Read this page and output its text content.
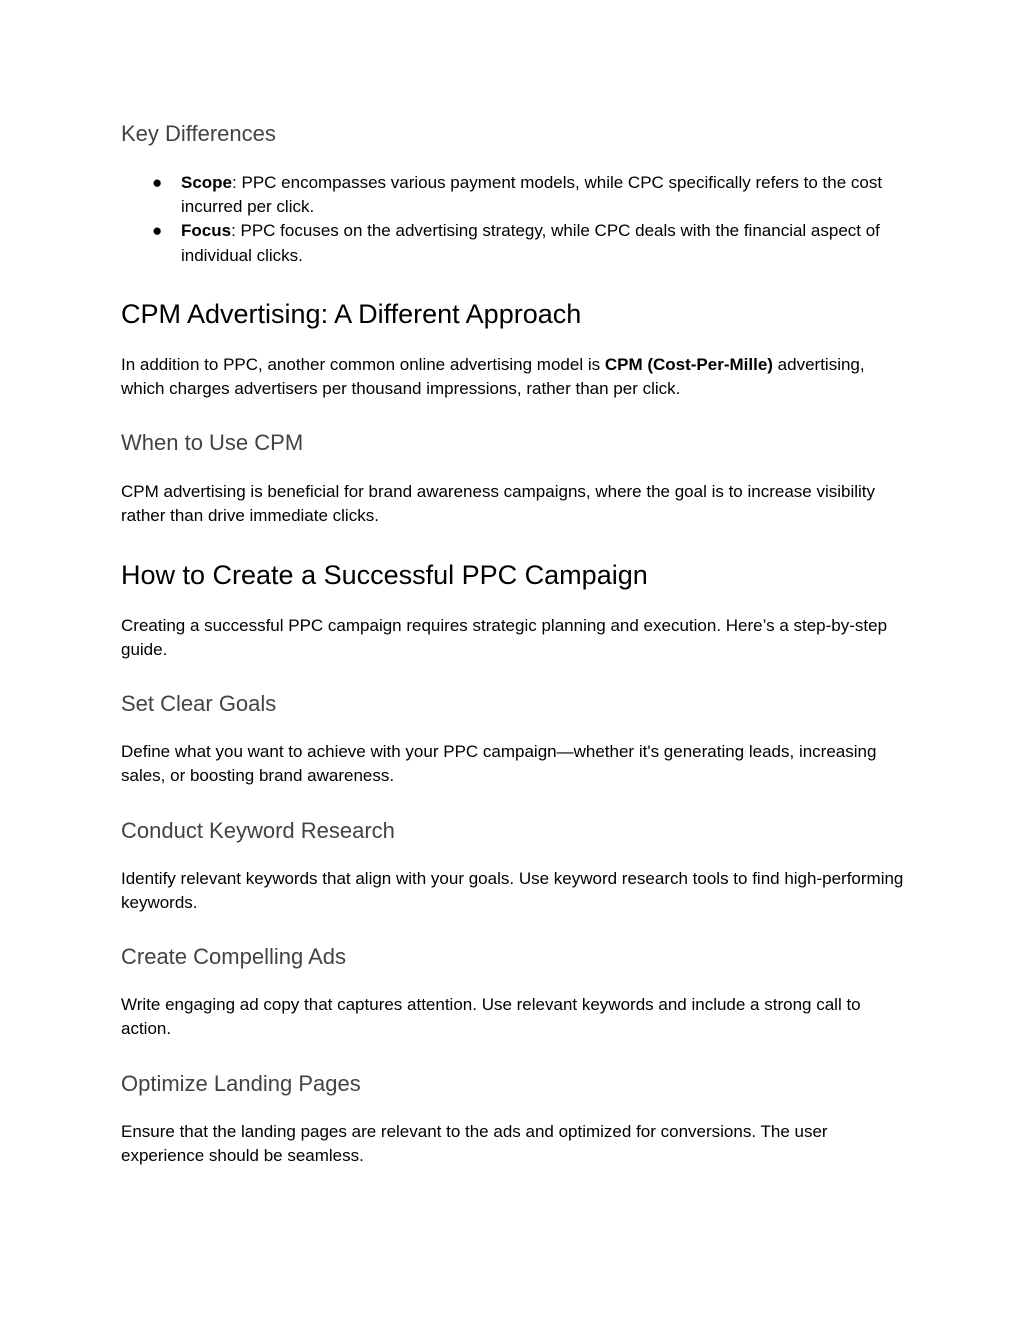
Key Differences
● Scope: PPC encompasses various payment models, while CPC specifically refers to the cost incurred per click.
● Focus: PPC focuses on the advertising strategy, while CPC deals with the financial aspect of individual clicks.
CPM Advertising: A Different Approach

In addition to PPC, another common online advertising model is CPM (Cost-Per-Mille) advertising, which charges advertisers per thousand impressions, rather than per click.

When to Use CPM

CPM advertising is beneficial for brand awareness campaigns, where the goal is to increase visibility rather than drive immediate clicks.

How to Create a Successful PPC Campaign

Creating a successful PPC campaign requires strategic planning and execution. Here’s a step-by-step guide.

Set Clear Goals

Define what you want to achieve with your PPC campaign—whether it's generating leads, increasing sales, or boosting brand awareness.

Conduct Keyword Research

Identify relevant keywords that align with your goals. Use keyword research tools to find high-performing keywords.

Create Compelling Ads

Write engaging ad copy that captures attention. Use relevant keywords and include a strong call to action.

Optimize Landing Pages

Ensure that the landing pages are relevant to the ads and optimized for conversions. The user experience should be seamless.
